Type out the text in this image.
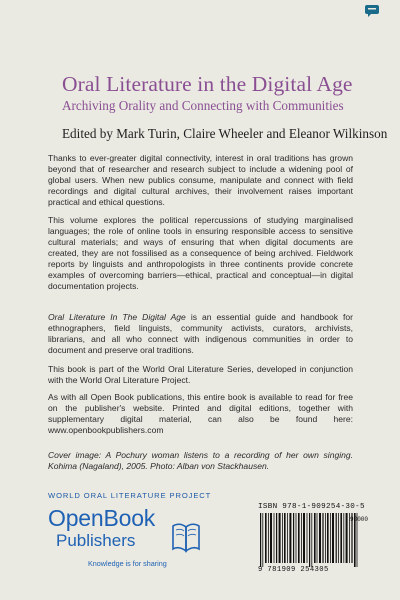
Oral Literature in the Digital Age
Archiving Orality and Connecting with Communities
Edited by Mark Turin, Claire Wheeler and Eleanor Wilkinson
Thanks to ever-greater digital connectivity, interest in oral traditions has grown beyond that of researcher and research subject to include a widening pool of global users. When new publics consume, manipulate and connect with field recordings and digital cultural archives, their involvement raises important practical and ethical questions.
This volume explores the political repercussions of studying marginalised languages; the role of online tools in ensuring responsible access to sensitive cultural materials; and ways of ensuring that when digital documents are created, they are not fossilised as a consequence of being archived. Fieldwork reports by linguists and anthropologists in three continents provide concrete examples of overcoming barriers—ethical, practical and conceptual—in digital documentation projects.
Oral Literature In The Digital Age is an essential guide and handbook for ethnographers, field linguists, community activists, curators, archivists, librarians, and all who connect with indigenous communities in order to document and preserve oral traditions.
This book is part of the World Oral Literature Series, developed in conjunction with the World Oral Literature Project.
As with all Open Book publications, this entire book is available to read for free on the publisher's website. Printed and digital editions, together with supplementary digital material, can also be found here: www.openbookpublishers.com
Cover image: A Pochury woman listens to a recording of her own singing. Kohima (Nagaland), 2005. Photo: Alban von Stackhausen.
WORLD ORAL LITERATURE PROJECT
OpenBook
Publishers
Knowledge is for sharing
ISBN 978-1-909254-30-5
90000
9 781909 254305
